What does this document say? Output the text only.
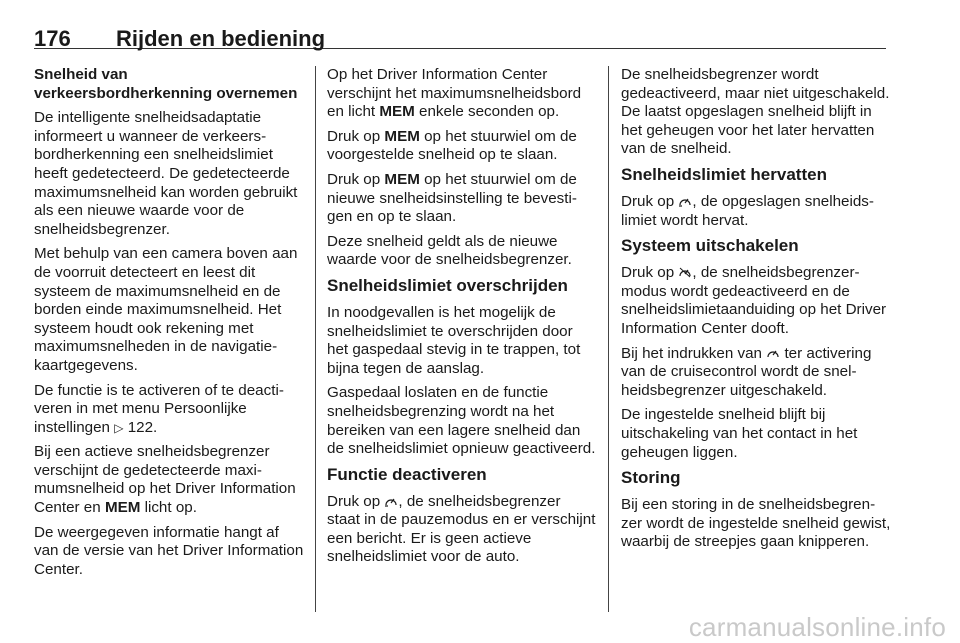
176 Rijden en bediening

Snelheid van verkeersbordherkenning overnemen

De intelligente snelheidsadaptatie informeert u wanneer de verkeersbordherkenning een snelheidslimiet heeft gedetecteerd. De gedetecteerde maximumsnelheid kan worden gebruikt als een nieuwe waarde voor de snelheidsbegrenzer.

Met behulp van een camera boven aan de voorruit detecteert en leest dit systeem de maximumsnelheid en de borden einde maximumsnelheid. Het systeem houdt ook rekening met maximumsnelheden in de navigatiekaartgegevens.

De functie is te activeren of te deactiveren in met menu Persoonlijke instellingen ▷ 122.

Bij een actieve snelheidsbegrenzer verschijnt de gedetecteerde maximumsnelheid op het Driver Information Center en MEM licht op.

De weergegeven informatie hangt af van de versie van het Driver Information Center.

Op het Driver Information Center verschijnt het maximumsnelheidsbord en licht MEM enkele seconden op.

Druk op MEM op het stuurwiel om de voorgestelde snelheid op te slaan.

Druk op MEM op het stuurwiel om de nieuwe snelheidsinstelling te bevestigen en op te slaan.

Deze snelheid geldt als de nieuwe waarde voor de snelheidsbegrenzer.

Snelheidslimiet overschrijden

In noodgevallen is het mogelijk de snelheidslimiet te overschrijden door het gaspedaal stevig in te trappen, tot bijna tegen de aanslag.

Gaspedaal loslaten en de functie snelheidsbegrenzing wordt na het bereiken van een lagere snelheid dan de snelheidslimiet opnieuw geactiveerd.

Functie deactiveren

Druk op , de snelheidsbegrenzer staat in de pauzemodus en er verschijnt een bericht. Er is geen actieve snelheidslimiet voor de auto.

De snelheidsbegrenzer wordt gedeactiveerd, maar niet uitgeschakeld. De laatst opgeslagen snelheid blijft in het geheugen voor het later hervatten van de snelheid.

Snelheidslimiet hervatten

Druk op , de opgeslagen snelheidslimiet wordt hervat.

Systeem uitschakelen

Druk op , de snelheidsbegrenzermodus wordt gedeactiveerd en de snelheidslimietaanduiding op het Driver Information Center dooft.

Bij het indrukken van  ter activering van de cruisecontrol wordt de snelheidsbegrenzer uitgeschakeld.

De ingestelde snelheid blijft bij uitschakeling van het contact in het geheugen liggen.

Storing

Bij een storing in de snelheidsbegrenzer wordt de ingestelde snelheid gewist, waarbij de streepjes gaan knipperen.

carmanualsonline.info
